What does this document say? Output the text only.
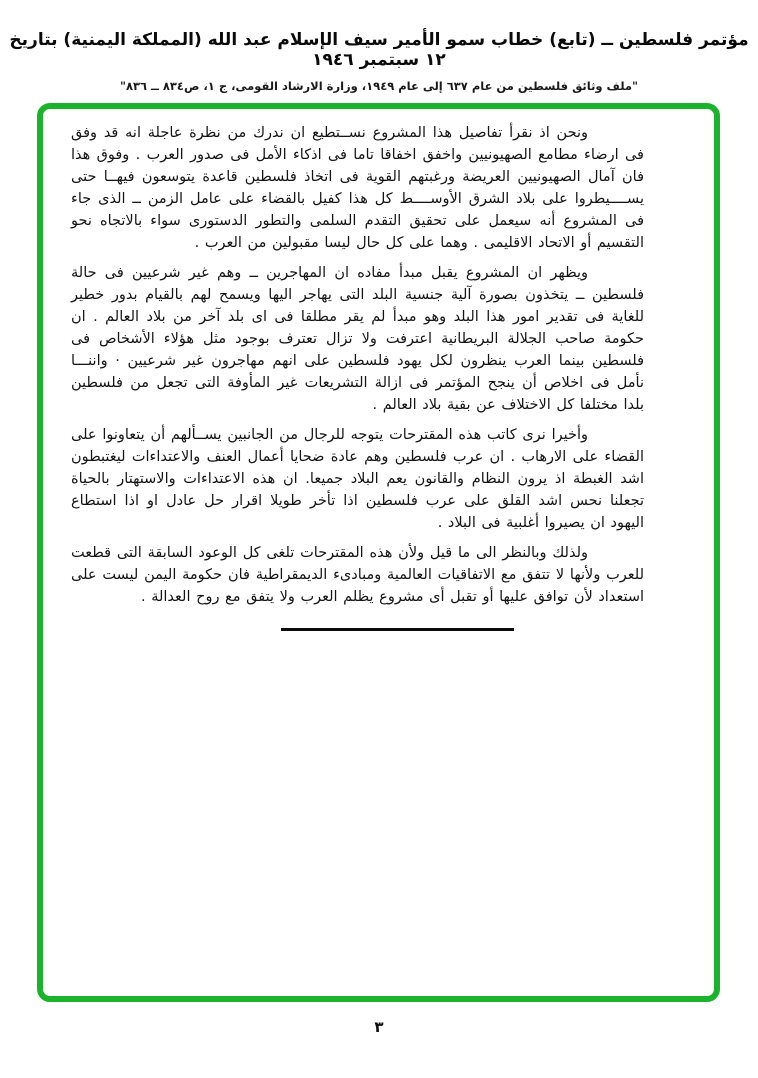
مؤتمر فلسطين ــ (تابع) خطاب سمو الأمير سيف الإسلام عبد الله (المملكة اليمنية) بتاريخ ١٢ سبتمبر ١٩٤٦
"ملف وثائق فلسطين من عام ٦٣٧ إلى عام ١٩٤٩، وزارة الارشاد القومى، ج ١، ص٨٣٤ ــ ٨٣٦"

ونحن اذ نقرأ تفاصيل هذا المشروع نســتطيع ان ندرك من نظرة عاجلة انه قد وفق فى ارضاء مطامع الصهيونيين واخفق اخفاقا تاما فى اذكاء الأمل فى صدور العرب . وفوق هذا فان آمال الصهيونيين العريضة ورغبتهم القوية فى اتخاذ فلسطين قاعدة يتوسعون فيهــا حتى يســــيطروا على بلاد الشرق الأوســــط كل هذا كفيل بالقضاء على عامل الزمن ــ الذى جاء فى المشروع أنه سيعمل على تحقيق التقدم السلمى والتطور الدستورى سواء بالاتجاه نحو التقسيم أو الاتحاد الاقليمى . وهما على كل حال ليسا مقبولين من العرب .

ويظهر ان المشروع يقبل مبدأ مفاده ان المهاجرين ــ وهم غير شرعيين فى حالة فلسطين ــ يتخذون بصورة آلية جنسية البلد التى يهاجر اليها ويسمح لهم بالقيام بدور خطير للغاية فى تقدير امور هذا البلد وهو مبدأ لم يقر مطلقا فى اى بلد آخر من بلاد العالم . ان حكومة صاحب الجلالة البريطانية اعترفت ولا تزال تعترف بوجود مثل هؤلاء الأشخاص فى فلسطين بينما العرب ينظرون لكل يهود فلسطين على انهم مهاجرون غير شرعيين · واننـــا نأمل فى اخلاص أن ينجح المؤتمر فى ازالة التشريعات غير المأوفة التى تجعل من فلسطين بلدا مختلفا كل الاختلاف عن بقية بلاد العالم .

وأخيرا نرى كاتب هذه المقترحات يتوجه للرجال من الجانبين يســألهم أن يتعاونوا على القضاء على الارهاب . ان عرب فلسطين وهم عادة ضحايا أعمال العنف والاعتداءات ليغتبطون اشد الغبطة اذ يرون النظام والقانون يعم البلاد جميعا. ان هذه الاعتداءات والاستهتار بالحياة تجعلنا نحس اشد القلق على عرب فلسطين اذا تأخر طويلا اقرار حل عادل او اذا استطاع اليهود ان يصيروا أغلبية فى البلاد .

ولذلك وبالنظر الى ما قيل ولأن هذه المقترحات تلغى كل الوعود السابقة التى قطعت للعرب ولأنها لا تتفق مع الاتفاقيات العالمية ومبادىء الديمقراطية فان حكومة اليمن ليست على استعداد لأن توافق عليها أو تقبل أى مشروع يظلم العرب ولا يتفق مع روح العدالة .

٣
